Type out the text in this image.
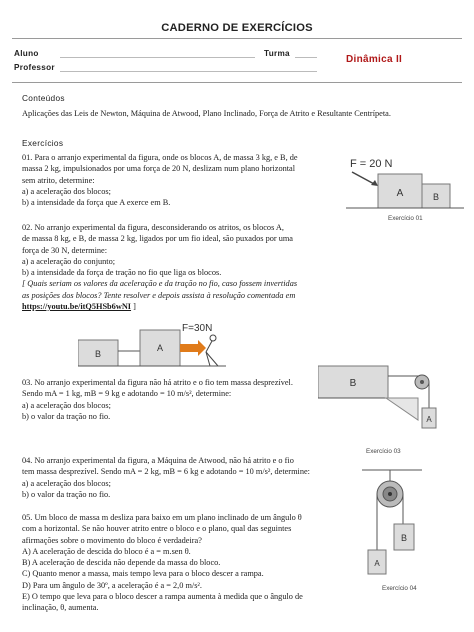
CADERNO DE EXERCÍCIOS
Aluno	Turma
Dinâmica II
Professor
Conteúdos
Aplicações das Leis de Newton, Máquina de Atwood, Plano Inclinado, Força de Atrito e Resultante Centrípeta.
Exercícios

01. Para o arranjo experimental da figura, onde os blocos A, de massa 3 kg, e B, de

massa 2 kg, impulsionados por uma força de 20 N, deslizam num plano horizontal

sem atrito, determine:

a) a aceleração dos blocos;

b) a intensidade da força que A exerce em B.

F = 20 N
A	B
Exercício 01

02. No arranjo experimental da figura, desconsiderando os atritos, os blocos A,

de massa 8 kg, e B, de massa 2 kg, ligados por um fio ideal, são puxados por uma

força de 30 N, determine:

a) a aceleração do conjunto;

b) a intensidade da força de tração no fio que liga os blocos.

[ Quais seriam os valores da aceleração e da tração no fio, caso fossem invertidas

as posições dos blocos? Tente resolver e depois assista à resolução comentada em

https://youtu.be/itQ5HSb6wNI ]

B
A
F=30N

03. No arranjo experimental da figura não há atrito e o fio tem massa desprezível.

Sendo mA = 1 kg, mB = 9 kg e adotando = 10 m/s², determine:

a) a aceleração dos blocos;

b) o valor da tração no fio.

B
A
Exercício 03

04. No arranjo experimental da figura, a Máquina de Atwood, não há atrito e o fio

tem massa desprezível. Sendo mA = 2 kg, mB = 6 kg e adotando = 10 m/s², determine:

a) a aceleração dos blocos;

b) o valor da tração no fio.

B
A
Exercício 04

05. Um bloco de massa m desliza para baixo em um plano inclinado de um ângulo θ

com a horizontal. Se não houver atrito entre o bloco e o plano, qual das seguintes

afirmações sobre o movimento do bloco é verdadeira?

A) A aceleração de descida do bloco é a = m.sen θ.

B) A aceleração de descida não depende da massa do bloco.

C) Quanto menor a massa, mais tempo leva para o bloco descer a rampa.

D) Para um ângulo de 30º, a aceleração é a = 2,0 m/s².

E) O tempo que leva para o bloco descer a rampa aumenta à medida que o ângulo de

inclinação, θ, aumenta.
